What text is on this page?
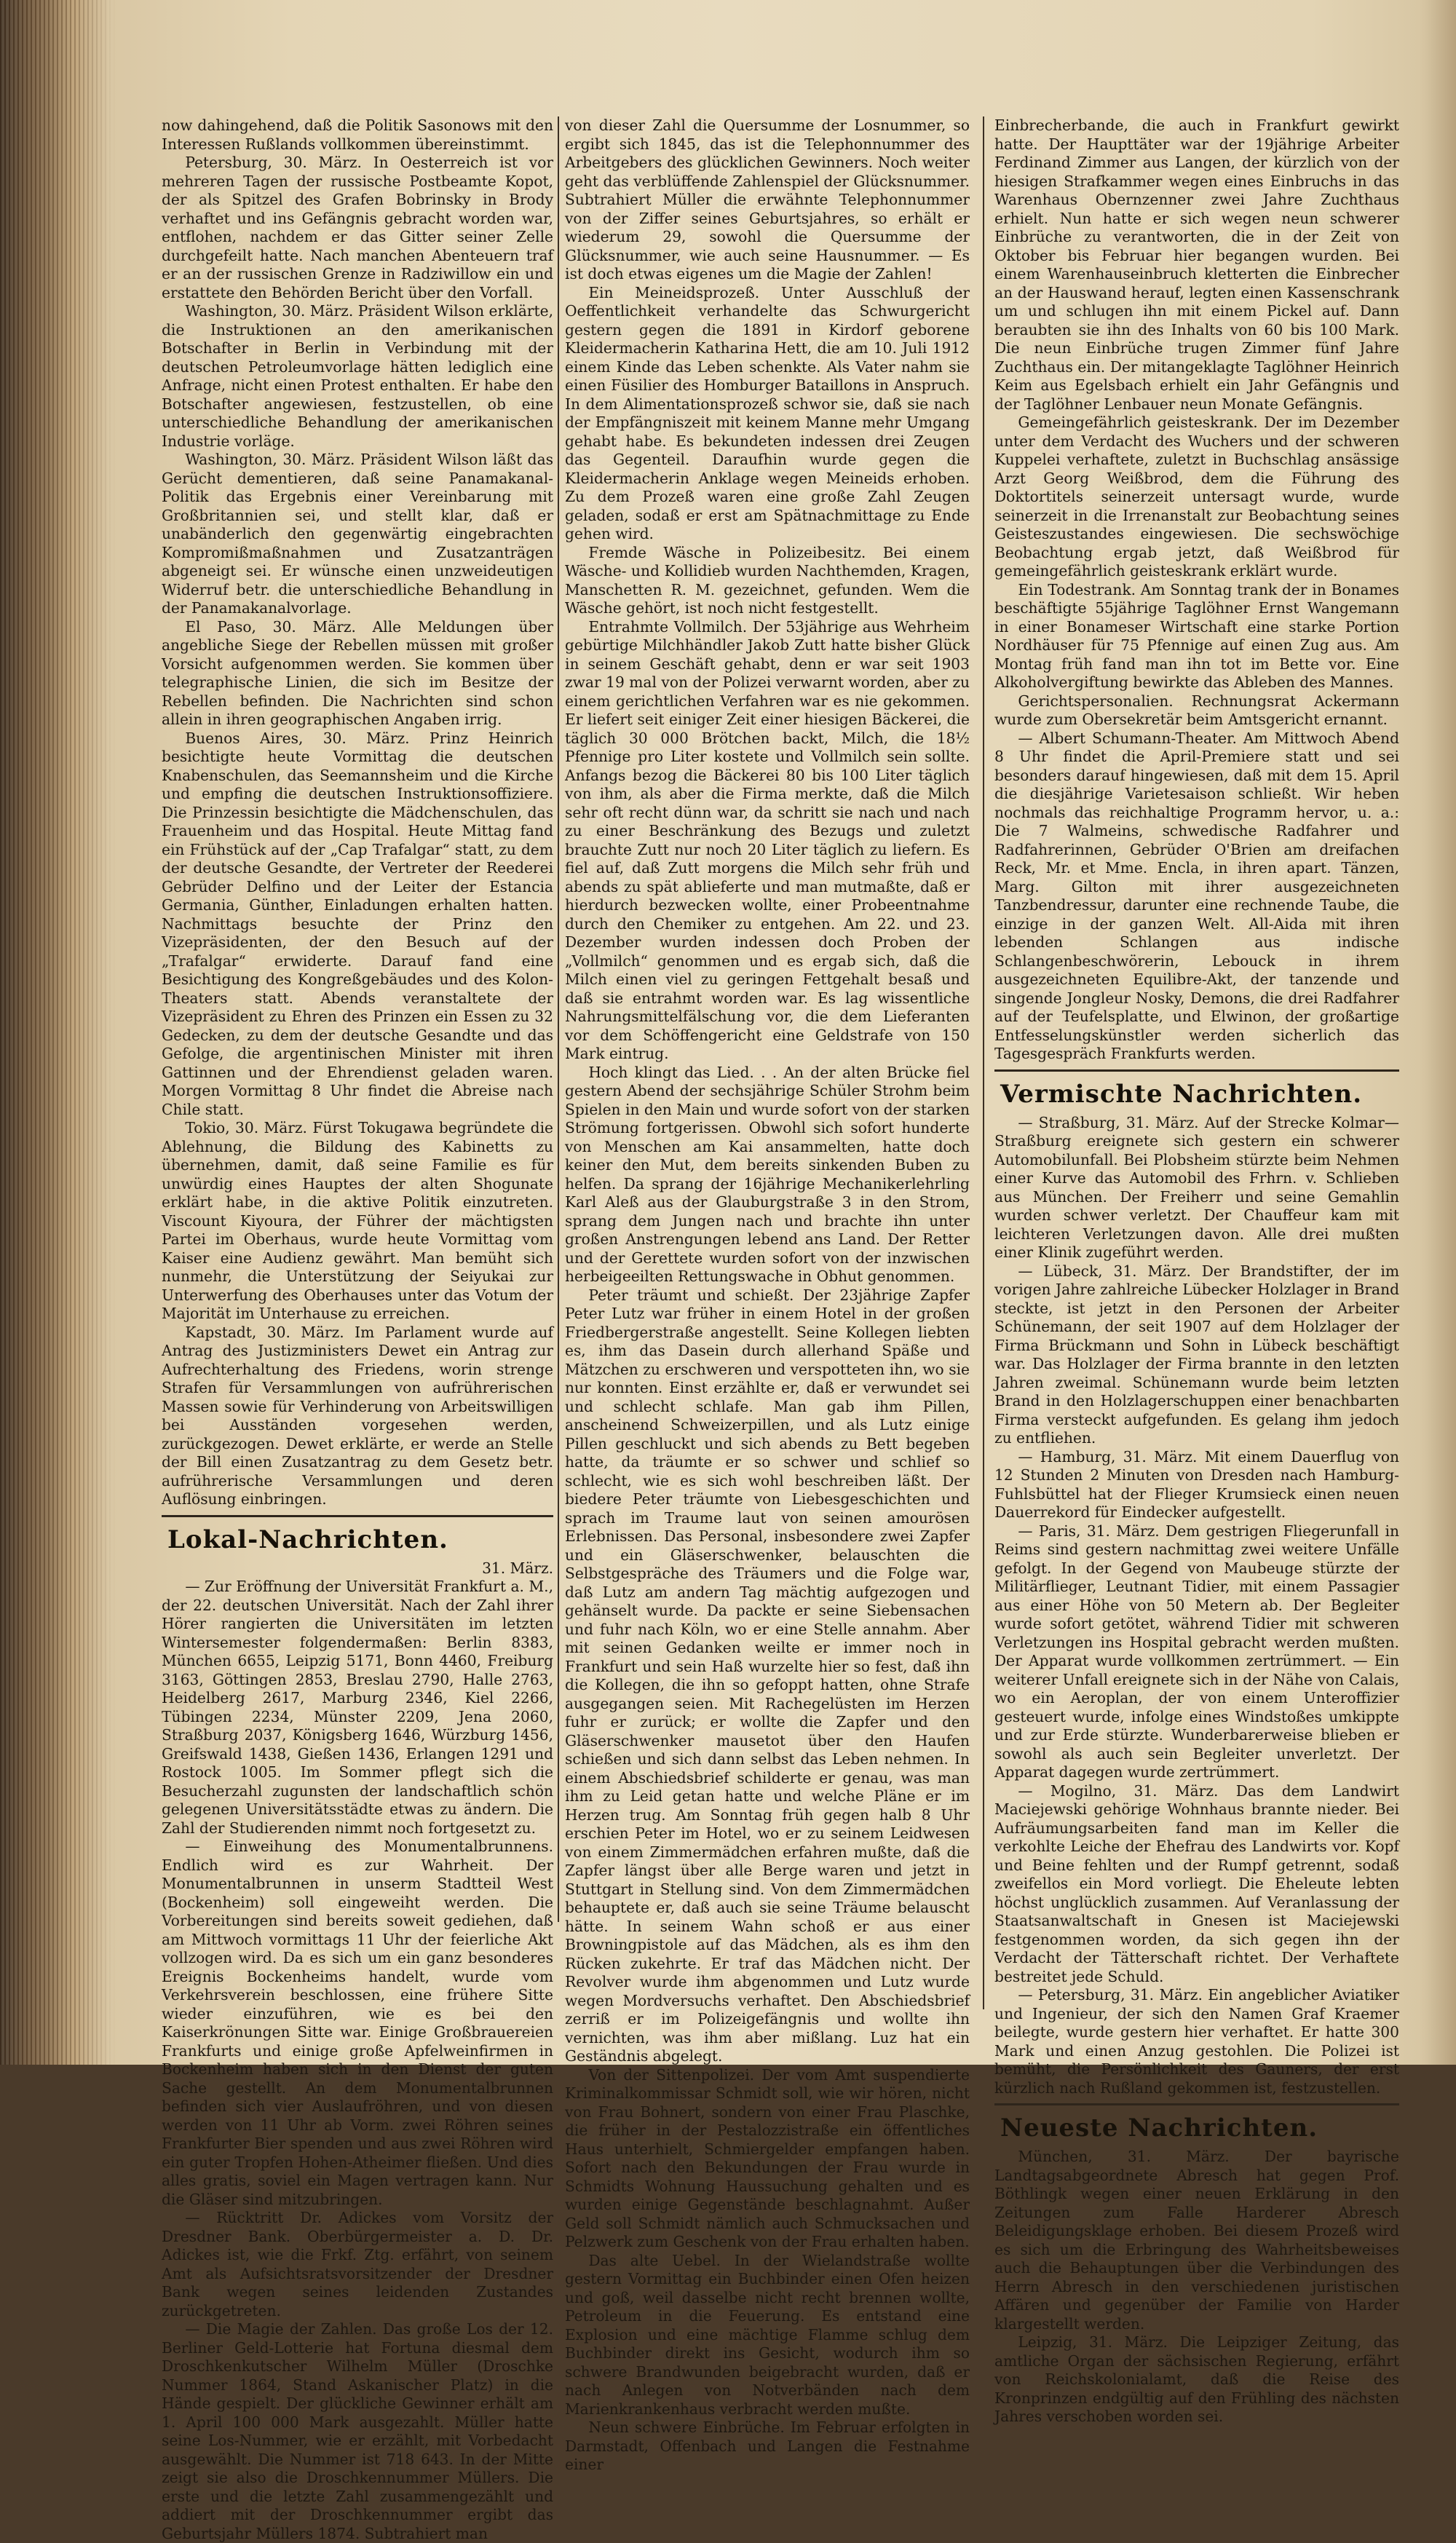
now dahingehend, daß die Politik Sasonows mit den Interessen Rußlands vollkommen übereinstimmt.

Petersburg, 30. März. In Oesterreich ist vor mehreren Tagen der russische Postbeamte Kopot, der als Spitzel des Grafen Bobrinsky in Brody verhaftet und ins Gefängnis gebracht worden war, entflohen, nachdem er das Gitter seiner Zelle durchgefeilt hatte. Nach manchen Abenteuern traf er an der russischen Grenze in Radziwillow ein und erstattete den Behörden Bericht über den Vorfall.

Washington, 30. März. Präsident Wilson erklärte, die Instruktionen an den amerikanischen Botschafter in Berlin in Verbindung mit der deutschen Petroleumvorlage hätten lediglich eine Anfrage, nicht einen Protest enthalten. Er habe den Botschafter angewiesen, festzustellen, ob eine unterschiedliche Behandlung der amerikanischen Industrie vorläge.

Washington, 30. März. Präsident Wilson läßt das Gerücht dementieren, daß seine Panamakanal-Politik das Ergebnis einer Vereinbarung mit Großbritannien sei, und stellt klar, daß er unabänderlich den gegenwärtig eingebrachten Kompromißmaßnahmen und Zusatzanträgen abgeneigt sei. Er wünsche einen unzweideutigen Widerruf betr. die unterschiedliche Behandlung in der Panamakanalvorlage.

El Paso, 30. März. Alle Meldungen über angebliche Siege der Rebellen müssen mit großer Vorsicht aufgenommen werden. Sie kommen über telegraphische Linien, die sich im Besitze der Rebellen befinden. Die Nachrichten sind schon allein in ihren geographischen Angaben irrig.

Buenos Aires, 30. März. Prinz Heinrich besichtigte heute Vormittag die deutschen Knabenschulen, das Seemannsheim und die Kirche und empfing die deutschen Instruktionsoffiziere. Die Prinzessin besichtigte die Mädchenschulen, das Frauenheim und das Hospital. Heute Mittag fand ein Frühstück auf der „Cap Trafalgar“ statt, zu dem der deutsche Gesandte, der Vertreter der Reederei Gebrüder Delfino und der Leiter der Estancia Germania, Günther, Einladungen erhalten hatten. Nachmittags besuchte der Prinz den Vizepräsidenten, der den Besuch auf der „Trafalgar“ erwiderte. Darauf fand eine Besichtigung des Kongreßgebäudes und des Kolon-Theaters statt. Abends veranstaltete der Vizepräsident zu Ehren des Prinzen ein Essen zu 32 Gedecken, zu dem der deutsche Gesandte und das Gefolge, die argentinischen Minister mit ihren Gattinnen und der Ehrendienst geladen waren. Morgen Vormittag 8 Uhr findet die Abreise nach Chile statt.

Tokio, 30. März. Fürst Tokugawa begründete die Ablehnung, die Bildung des Kabinetts zu übernehmen, damit, daß seine Familie es für unwürdig eines Hauptes der alten Shogunate erklärt habe, in die aktive Politik einzutreten. Viscount Kiyoura, der Führer der mächtigsten Partei im Oberhaus, wurde heute Vormittag vom Kaiser eine Audienz gewährt. Man bemüht sich nunmehr, die Unterstützung der Seiyukai zur Unterwerfung des Oberhauses unter das Votum der Majorität im Unterhause zu erreichen.

Kapstadt, 30. März. Im Parlament wurde auf Antrag des Justizministers Dewet ein Antrag zur Aufrechterhaltung des Friedens, worin strenge Strafen für Versammlungen von aufrührerischen Massen sowie für Verhinderung von Arbeitswilligen bei Ausständen vorgesehen werden, zurückgezogen. Dewet erklärte, er werde an Stelle der Bill einen Zusatzantrag zu dem Gesetz betr. aufrührerische Versammlungen und deren Auflösung einbringen.

Lokal-Nachrichten.

31. März.

— Zur Eröffnung der Universität Frankfurt a. M., der 22. deutschen Universität. Nach der Zahl ihrer Hörer rangierten die Universitäten im letzten Wintersemester folgendermaßen: Berlin 8383, München 6655, Leipzig 5171, Bonn 4460, Freiburg 3163, Göttingen 2853, Breslau 2790, Halle 2763, Heidelberg 2617, Marburg 2346, Kiel 2266, Tübingen 2234, Münster 2209, Jena 2060, Straßburg 2037, Königsberg 1646, Würzburg 1456, Greifswald 1438, Gießen 1436, Erlangen 1291 und Rostock 1005. Im Sommer pflegt sich die Besucherzahl zugunsten der landschaftlich schön gelegenen Universitätsstädte etwas zu ändern. Die Zahl der Studierenden nimmt noch fortgesetzt zu.

— Einweihung des Monumentalbrunnens. Endlich wird es zur Wahrheit. Der Monumentalbrunnen in unserm Stadtteil West (Bockenheim) soll eingeweiht werden. Die Vorbereitungen sind bereits soweit gediehen, daß am Mittwoch vormittags 11 Uhr der feierliche Akt vollzogen wird. Da es sich um ein ganz besonderes Ereignis Bockenheims handelt, wurde vom Verkehrsverein beschlossen, eine frühere Sitte wieder einzuführen, wie es bei den Kaiserkrönungen Sitte war. Einige Großbrauereien Frankfurts und einige große Apfelweinfirmen in Bockenheim haben sich in den Dienst der guten Sache gestellt. An dem Monumentalbrunnen befinden sich vier Auslaufröhren, und von diesen werden von 11 Uhr ab Vorm. zwei Röhren seines Frankfurter Bier spenden und aus zwei Röhren wird ein guter Tropfen Hohen-Atheimer fließen. Und dies alles gratis, soviel ein Magen vertragen kann. Nur die Gläser sind mitzubringen.

— Rücktritt Dr. Adickes vom Vorsitz der Dresdner Bank. Oberbürgermeister a. D. Dr. Adickes ist, wie die Frkf. Ztg. erfährt, von seinem Amt als Aufsichtsratsvorsitzender der Dresdner Bank wegen seines leidenden Zustandes zurückgetreten.

— Die Magie der Zahlen. Das große Los der 12. Berliner Geld-Lotterie hat Fortuna diesmal dem Droschkenkutscher Wilhelm Müller (Droschke Nummer 1864, Stand Askanischer Platz) in die Hände gespielt. Der glückliche Gewinner erhält am 1. April 100 000 Mark ausgezahlt. Müller hatte seine Los-Nummer, wie er erzählt, mit Vorbedacht ausgewählt. Die Nummer ist 718 643. In der Mitte zeigt sie also die Droschkennummer Müllers. Die erste und die letzte Zahl zusammengezählt und addiert mit der Droschkennummer ergibt das Geburtsjahr Müllers 1874. Subtrahiert man

von dieser Zahl die Quersumme der Losnummer, so ergibt sich 1845, das ist die Telephonnummer des Arbeitgebers des glücklichen Gewinners. Noch weiter geht das verblüffende Zahlenspiel der Glücksnummer. Subtrahiert Müller die erwähnte Telephonnummer von der Ziffer seines Geburtsjahres, so erhält er wiederum 29, sowohl die Quersumme der Glücksnummer, wie auch seine Hausnummer. — Es ist doch etwas eigenes um die Magie der Zahlen!

Ein Meineidsprozeß. Unter Ausschluß der Oeffentlichkeit verhandelte das Schwurgericht gestern gegen die 1891 in Kirdorf geborene Kleidermacherin Katharina Hett, die am 10. Juli 1912 einem Kinde das Leben schenkte. Als Vater nahm sie einen Füsilier des Homburger Bataillons in Anspruch. In dem Alimentationsprozeß schwor sie, daß sie nach der Empfängniszeit mit keinem Manne mehr Umgang gehabt habe. Es bekundeten indessen drei Zeugen das Gegenteil. Daraufhin wurde gegen die Kleidermacherin Anklage wegen Meineids erhoben. Zu dem Prozeß waren eine große Zahl Zeugen geladen, sodaß er erst am Spätnachmittage zu Ende gehen wird.

Fremde Wäsche in Polizeibesitz. Bei einem Wäsche- und Kollidieb wurden Nachthemden, Kragen, Manschetten R. M. gezeichnet, gefunden. Wem die Wäsche gehört, ist noch nicht festgestellt.

Entrahmte Vollmilch. Der 53jährige aus Wehrheim gebürtige Milchhändler Jakob Zutt hatte bisher Glück in seinem Geschäft gehabt, denn er war seit 1903 zwar 19 mal von der Polizei verwarnt worden, aber zu einem gerichtlichen Verfahren war es nie gekommen. Er liefert seit einiger Zeit einer hiesigen Bäckerei, die täglich 30 000 Brötchen backt, Milch, die 18½ Pfennige pro Liter kostete und Vollmilch sein sollte. Anfangs bezog die Bäckerei 80 bis 100 Liter täglich von ihm, als aber die Firma merkte, daß die Milch sehr oft recht dünn war, da schritt sie nach und nach zu einer Beschränkung des Bezugs und zuletzt brauchte Zutt nur noch 20 Liter täglich zu liefern. Es fiel auf, daß Zutt morgens die Milch sehr früh und abends zu spät ablieferte und man mutmaßte, daß er hierdurch bezwecken wollte, einer Probeentnahme durch den Chemiker zu entgehen. Am 22. und 23. Dezember wurden indessen doch Proben der „Vollmilch“ genommen und es ergab sich, daß die Milch einen viel zu geringen Fettgehalt besaß und daß sie entrahmt worden war. Es lag wissentliche Nahrungsmittelfälschung vor, die dem Lieferanten vor dem Schöffengericht eine Geldstrafe von 150 Mark eintrug.

Hoch klingt das Lied. . . An der alten Brücke fiel gestern Abend der sechsjährige Schüler Strohm beim Spielen in den Main und wurde sofort von der starken Strömung fortgerissen. Obwohl sich sofort hunderte von Menschen am Kai ansammelten, hatte doch keiner den Mut, dem bereits sinkenden Buben zu helfen. Da sprang der 16jährige Mechanikerlehrling Karl Aleß aus der Glauburgstraße 3 in den Strom, sprang dem Jungen nach und brachte ihn unter großen Anstrengungen lebend ans Land. Der Retter und der Gerettete wurden sofort von der inzwischen herbeigeeilten Rettungswache in Obhut genommen.

Peter träumt und schießt. Der 23jährige Zapfer Peter Lutz war früher in einem Hotel in der großen Friedbergerstraße angestellt. Seine Kollegen liebten es, ihm das Dasein durch allerhand Späße und Mätzchen zu erschweren und verspotteten ihn, wo sie nur konnten. Einst erzählte er, daß er verwundet sei und schlecht schlafe. Man gab ihm Pillen, anscheinend Schweizerpillen, und als Lutz einige Pillen geschluckt und sich abends zu Bett begeben hatte, da träumte er so schwer und schlief so schlecht, wie es sich wohl beschreiben läßt. Der biedere Peter träumte von Liebesgeschichten und sprach im Traume laut von seinen amourösen Erlebnissen. Das Personal, insbesondere zwei Zapfer und ein Gläserschwenker, belauschten die Selbstgespräche des Träumers und die Folge war, daß Lutz am andern Tag mächtig aufgezogen und gehänselt wurde. Da packte er seine Siebensachen und fuhr nach Köln, wo er eine Stelle annahm. Aber mit seinen Gedanken weilte er immer noch in Frankfurt und sein Haß wurzelte hier so fest, daß ihn die Kollegen, die ihn so gefoppt hatten, ohne Strafe ausgegangen seien. Mit Rachegelüsten im Herzen fuhr er zurück; er wollte die Zapfer und den Gläserschwenker mausetot über den Haufen schießen und sich dann selbst das Leben nehmen. In einem Abschiedsbrief schilderte er genau, was man ihm zu Leid getan hatte und welche Pläne er im Herzen trug. Am Sonntag früh gegen halb 8 Uhr erschien Peter im Hotel, wo er zu seinem Leidwesen von einem Zimmermädchen erfahren mußte, daß die Zapfer längst über alle Berge waren und jetzt in Stuttgart in Stellung sind. Von dem Zimmermädchen behauptete er, daß auch sie seine Träume belauscht hätte. In seinem Wahn schoß er aus einer Browningpistole auf das Mädchen, als es ihm den Rücken zukehrte. Er traf das Mädchen nicht. Der Revolver wurde ihm abgenommen und Lutz wurde wegen Mordversuchs verhaftet. Den Abschiedsbrief zerriß er im Polizeigefängnis und wollte ihn vernichten, was ihm aber mißlang. Luz hat ein Geständnis abgelegt.

Von der Sittenpolizei. Der vom Amt suspendierte Kriminalkommissar Schmidt soll, wie wir hören, nicht von Frau Bohnert, sondern von einer Frau Plaschke, die früher in der Pestalozzistraße ein öffentliches Haus unterhielt, Schmiergelder empfangen haben. Sofort nach den Bekundungen der Frau wurde in Schmidts Wohnung Haussuchung gehalten und es wurden einige Gegenstände beschlagnahmt. Außer Geld soll Schmidt nämlich auch Schmucksachen und Pelzwerk zum Geschenk von der Frau erhalten haben.

Das alte Uebel. In der Wielandstraße wollte gestern Vormittag ein Buchbinder einen Ofen heizen und goß, weil dasselbe nicht recht brennen wollte, Petroleum in die Feuerung. Es entstand eine Explosion und eine mächtige Flamme schlug dem Buchbinder direkt ins Gesicht, wodurch ihm so schwere Brandwunden beigebracht wurden, daß er nach Anlegen von Notverbänden nach dem Marienkrankenhaus verbracht werden mußte.

Neun schwere Einbrüche. Im Februar erfolgten in Darmstadt, Offenbach und Langen die Festnahme einer

Einbrecherbande, die auch in Frankfurt gewirkt hatte. Der Haupttäter war der 19jährige Arbeiter Ferdinand Zimmer aus Langen, der kürzlich von der hiesigen Strafkammer wegen eines Einbruchs in das Warenhaus Obernzenner zwei Jahre Zuchthaus erhielt. Nun hatte er sich wegen neun schwerer Einbrüche zu verantworten, die in der Zeit von Oktober bis Februar hier begangen wurden. Bei einem Warenhauseinbruch kletterten die Einbrecher an der Hauswand herauf, legten einen Kassenschrank um und schlugen ihn mit einem Pickel auf. Dann beraubten sie ihn des Inhalts von 60 bis 100 Mark. Die neun Einbrüche trugen Zimmer fünf Jahre Zuchthaus ein. Der mitangeklagte Taglöhner Heinrich Keim aus Egelsbach erhielt ein Jahr Gefängnis und der Taglöhner Lenbauer neun Monate Gefängnis.

Gemeingefährlich geisteskrank. Der im Dezember unter dem Verdacht des Wuchers und der schweren Kuppelei verhaftete, zuletzt in Buchschlag ansässige Arzt Georg Weißbrod, dem die Führung des Doktortitels seinerzeit untersagt wurde, wurde seinerzeit in die Irrenanstalt zur Beobachtung seines Geisteszustandes eingewiesen. Die sechswöchige Beobachtung ergab jetzt, daß Weißbrod für gemeingefährlich geisteskrank erklärt wurde.

Ein Todestrank. Am Sonntag trank der in Bonames beschäftigte 55jährige Taglöhner Ernst Wangemann in einer Bonameser Wirtschaft eine starke Portion Nordhäuser für 75 Pfennige auf einen Zug aus. Am Montag früh fand man ihn tot im Bette vor. Eine Alkoholvergiftung bewirkte das Ableben des Mannes.

Gerichtspersonalien. Rechnungsrat Ackermann wurde zum Obersekretär beim Amtsgericht ernannt.

— Albert Schumann-Theater. Am Mittwoch Abend 8 Uhr findet die April-Premiere statt und sei besonders darauf hingewiesen, daß mit dem 15. April die diesjährige Varietesaison schließt. Wir heben nochmals das reichhaltige Programm hervor, u. a.: Die 7 Walmeins, schwedische Radfahrer und Radfahrerinnen, Gebrüder O'Brien am dreifachen Reck, Mr. et Mme. Encla, in ihren apart. Tänzen, Marg. Gilton mit ihrer ausgezeichneten Tanzbendressur, darunter eine rechnende Taube, die einzige in der ganzen Welt. All-Aida mit ihren lebenden Schlangen aus indische Schlangenbeschwörerin, Lebouck in ihrem ausgezeichneten Equilibre-Akt, der tanzende und singende Jongleur Nosky, Demons, die drei Radfahrer auf der Teufelsplatte, und Elwinon, der großartige Entfesselungskünstler werden sicherlich das Tagesgespräch Frankfurts werden.

Vermischte Nachrichten.

— Straßburg, 31. März. Auf der Strecke Kolmar—Straßburg ereignete sich gestern ein schwerer Automobilunfall. Bei Plobsheim stürzte beim Nehmen einer Kurve das Automobil des Frhrn. v. Schlieben aus München. Der Freiherr und seine Gemahlin wurden schwer verletzt. Der Chauffeur kam mit leichteren Verletzungen davon. Alle drei mußten einer Klinik zugeführt werden.

— Lübeck, 31. März. Der Brandstifter, der im vorigen Jahre zahlreiche Lübecker Holzlager in Brand steckte, ist jetzt in den Personen der Arbeiter Schünemann, der seit 1907 auf dem Holzlager der Firma Brückmann und Sohn in Lübeck beschäftigt war. Das Holzlager der Firma brannte in den letzten Jahren zweimal. Schünemann wurde beim letzten Brand in den Holzlagerschuppen einer benachbarten Firma versteckt aufgefunden. Es gelang ihm jedoch zu entfliehen.

— Hamburg, 31. März. Mit einem Dauerflug von 12 Stunden 2 Minuten von Dresden nach Hamburg-Fuhlsbüttel hat der Flieger Krumsieck einen neuen Dauerrekord für Eindecker aufgestellt.

— Paris, 31. März. Dem gestrigen Fliegerunfall in Reims sind gestern nachmittag zwei weitere Unfälle gefolgt. In der Gegend von Maubeuge stürzte der Militärflieger, Leutnant Tidier, mit einem Passagier aus einer Höhe von 50 Metern ab. Der Begleiter wurde sofort getötet, während Tidier mit schweren Verletzungen ins Hospital gebracht werden mußten. Der Apparat wurde vollkommen zertrümmert. — Ein weiterer Unfall ereignete sich in der Nähe von Calais, wo ein Aeroplan, der von einem Unteroffizier gesteuert wurde, infolge eines Windstoßes umkippte und zur Erde stürzte. Wunderbarerweise blieben er sowohl als auch sein Begleiter unverletzt. Der Apparat dagegen wurde zertrümmert.

— Mogilno, 31. März. Das dem Landwirt Maciejewski gehörige Wohnhaus brannte nieder. Bei Aufräumungsarbeiten fand man im Keller die verkohlte Leiche der Ehefrau des Landwirts vor. Kopf und Beine fehlten und der Rumpf getrennt, sodaß zweifellos ein Mord vorliegt. Die Eheleute lebten höchst unglücklich zusammen. Auf Veranlassung der Staatsanwaltschaft in Gnesen ist Maciejewski festgenommen worden, da sich gegen ihn der Verdacht der Tätterschaft richtet. Der Verhaftete bestreitet jede Schuld.

— Petersburg, 31. März. Ein angeblicher Aviatiker und Ingenieur, der sich den Namen Graf Kraemer beilegte, wurde gestern hier verhaftet. Er hatte 300 Mark und einen Anzug gestohlen. Die Polizei ist bemüht, die Persönlichkeit des Gauners, der erst kürzlich nach Rußland gekommen ist, festzustellen.

Neueste Nachrichten.

München, 31. März. Der bayrische Landtagsabgeordnete Abresch hat gegen Prof. Böthlingk wegen einer neuen Erklärung in den Zeitungen zum Falle Harderer Abresch Beleidigungsklage erhoben. Bei diesem Prozeß wird es sich um die Erbringung des Wahrheitsbeweises auch die Behauptungen über die Verbindungen des Herrn Abresch in den verschiedenen juristischen Affären und gegenüber der Familie von Harder klargestellt werden.

Leipzig, 31. März. Die Leipziger Zeitung, das amtliche Organ der sächsischen Regierung, erfährt von Reichskolonialamt, daß die Reise des Kronprinzen endgültig auf den Frühling des nächsten Jahres verschoben worden sei.
